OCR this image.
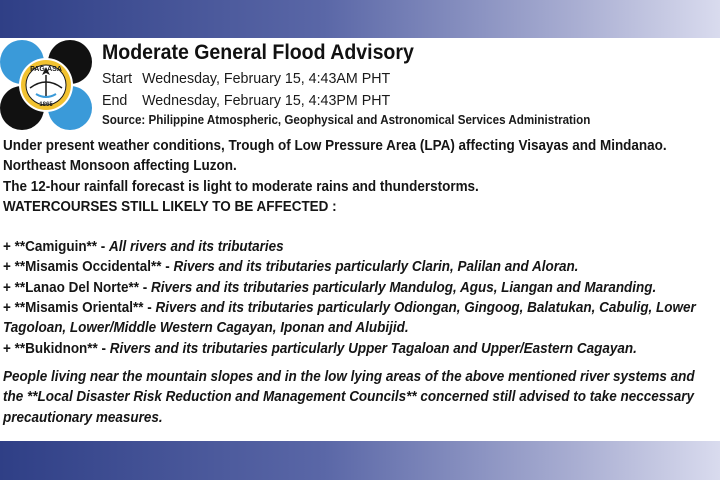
PAG-ASA
1865
Moderate General Flood Advisory
Start Wednesday, February 15, 4:43AM PHT
End Wednesday, February 15, 4:43PM PHT
Source: Philippine Atmospheric, Geophysical and Astronomical Services Administration
Under present weather conditions, Trough of Low Pressure Area (LPA) affecting Visayas and Mindanao.
Northeast Monsoon affecting Luzon.
The 12-hour rainfall forecast is light to moderate rains and thunderstorms.
WATERCOURSES STILL LIKELY TO BE AFFECTED :
+ **Camiguin** - All rivers and its tributaries
+ **Misamis Occidental** - Rivers and its tributaries particularly Clarin, Palilan and Aloran.
+ **Lanao Del Norte** - Rivers and its tributaries particularly Mandulog, Agus, Liangan and Maranding.
+ **Misamis Oriental** - Rivers and its tributaries particularly Odiongan, Gingoog, Balatukan, Cabulig, Lower
Tagoloan, Lower/Middle Western Cagayan, Iponan and Alubijid.
+ **Bukidnon** - Rivers and its tributaries particularly Upper Tagaloan and Upper/Eastern Cagayan.
People living near the mountain slopes and in the low lying areas of the above mentioned river systems and
the **Local Disaster Risk Reduction and Management Councils** concerned still advised to take neccessary
precautionary measures.
